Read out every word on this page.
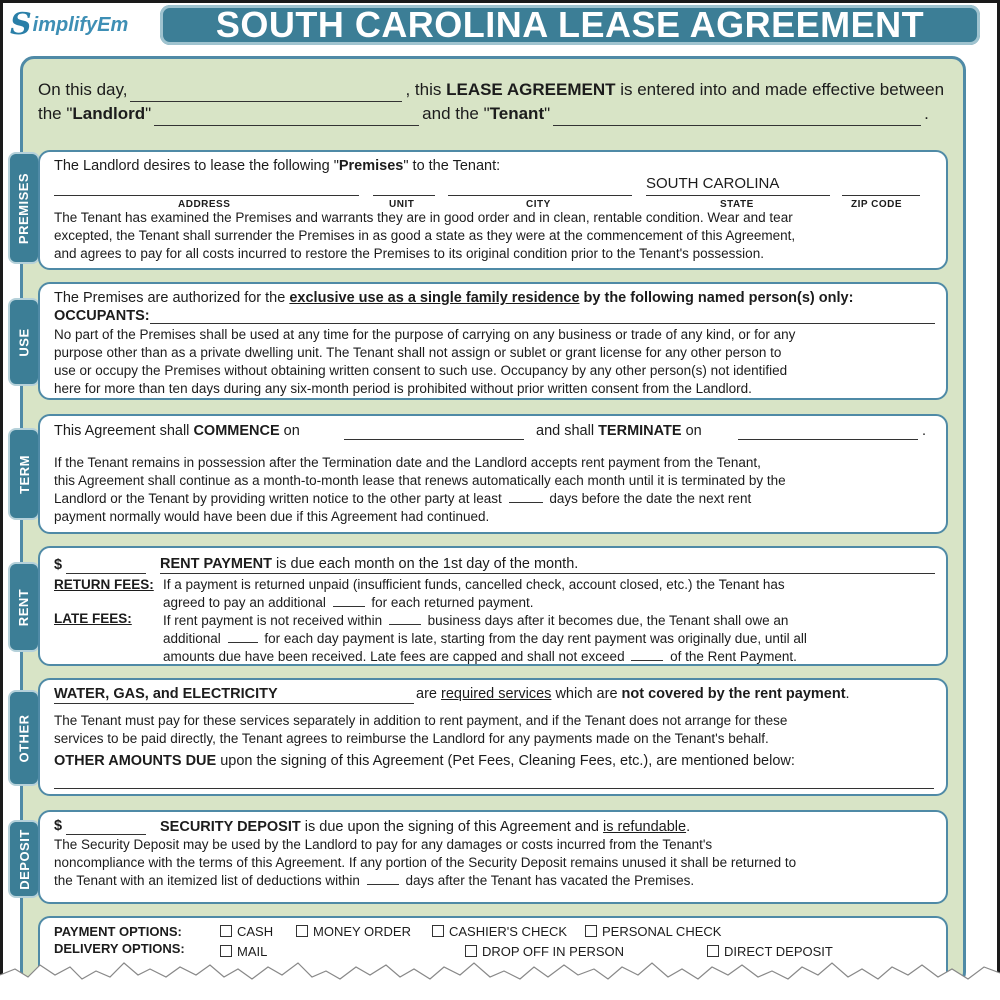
S implifyEm SOUTH CAROLINA LEASE AGREEMENT
On this day,	, this
LEASE AGREEMENT
is entered into and made effective between
the " Landlord "	and the " Tenant "	.
PREMISES
USE
TERM
RENT
OTHER
DEPOSIT
The Landlord desires to lease the following "Premises" to the Tenant:
SOUTH CAROLINA
ADDRESS	UNIT	CITY	STATE	ZIP CODE
The Tenant has examined the Premises and warrants they are in good order and in clean, rentable condition. Wear and tear
excepted, the Tenant shall surrender the Premises in as good a state as they were at the commencement of this Agreement,
and agrees to pay for all costs incurred to restore the Premises to its original condition prior to the Tenant's possession.
The Premises are authorized for the exclusive use as a single family residence by the following named person(s) only:
OCCUPANTS:
No part of the Premises shall be used at any time for the purpose of carrying on any business or trade of any kind, or for any
purpose other than as a private dwelling unit. The Tenant shall not assign or sublet or grant license for any other person to
use or occupy the Premises without obtaining written consent to such use. Occupancy by any other person(s) not identified
here for more than ten days during any six-month period is prohibited without prior written consent from the Landlord.
This Agreement shall COMMENCE on	and shall TERMINATE on	.
If the Tenant remains in possession after the Termination date and the Landlord accepts rent payment from the Tenant,
this Agreement shall continue as a month-to-month lease that renews automatically each month until it is terminated by the
Landlord or the Tenant by providing written notice to the other party at least	days before the date the next rent
payment normally would have been due if this Agreement had continued.
$	RENT PAYMENT is due each month on the 1st day of the month.
RETURN FEES: If a payment is returned unpaid (insufficient funds, cancelled check, account closed, etc.) the Tenant has
agreed to pay an additional	for each returned payment.
LATE FEES: If rent payment is not received within	business days after it becomes due, the Tenant shall owe an
additional	for each day payment is late, starting from the day rent payment was originally due, until all
amounts due have been received. Late fees are capped and shall not exceed	of the Rent Payment.
WATER, GAS, and ELECTRICITY	are required services which are not covered by the rent payment.
The Tenant must pay for these services separately in addition to rent payment, and if the Tenant does not arrange for these
services to be paid directly, the Tenant agrees to reimburse the Landlord for any payments made on the Tenant's behalf.
OTHER AMOUNTS DUE upon the signing of this Agreement (Pet Fees, Cleaning Fees, etc.), are mentioned below:
$	SECURITY DEPOSIT is due upon the signing of this Agreement and is refundable.
The Security Deposit may be used by the Landlord to pay for any damages or costs incurred from the Tenant's
noncompliance with the terms of this Agreement. If any portion of the Security Deposit remains unused it shall be returned to
the Tenant with an itemized list of deductions within	days after the Tenant has vacated the Premises.
PAYMENT OPTIONS:	CASH	MONEY ORDER	CASHIER'S CHECK	PERSONAL CHECK
DELIVERY OPTIONS:	MAIL	DROP OFF IN PERSON	DIRECT DEPOSIT
